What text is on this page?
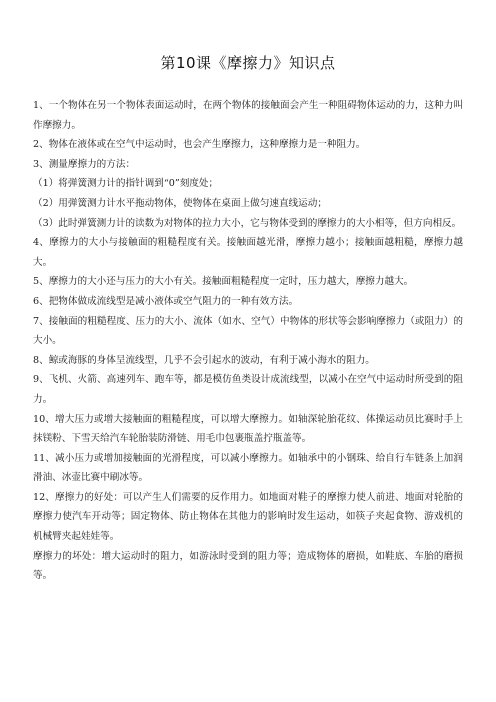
第10课《摩擦力》知识点

1、一个物体在另一个物体表面运动时，在两个物体的接触面会产生一种阻碍物体运动的力，这种力叫作摩擦力。

2、物体在液体或在空气中运动时，也会产生摩擦力，这种摩擦力是一种阻力。

3、测量摩擦力的方法：

（1）将弹簧测力计的指针调到“0”刻度处；

（2）用弹簧测力计水平拖动物体，使物体在桌面上做匀速直线运动；

（3）此时弹簧测力计的读数为对物体的拉力大小，它与物体受到的摩擦力的大小相等，但方向相反。

4、摩擦力的大小与接触面的粗糙程度有关。接触面越光滑，摩擦力越小；接触面越粗糙，摩擦力越大。

5、摩擦力的大小还与压力的大小有关。接触面粗糙程度一定时，压力越大，摩擦力越大。

6、把物体做成流线型是减小液体或空气阻力的一种有效方法。

7、接触面的粗糙程度、压力的大小、流体（如水、空气）中物体的形状等会影响摩擦力（或阻力）的大小。

8、鲸或海豚的身体呈流线型，几乎不会引起水的波动，有利于减小海水的阻力。

9、飞机、火箭、高速列车、跑车等，都是模仿鱼类设计成流线型，以减小在空气中运动时所受到的阻力。

10、增大压力或增大接触面的粗糙程度，可以增大摩擦力。如轴深轮胎花纹、体操运动员比赛时手上抹镁粉、下雪天给汽车轮胎装防滑链、用毛巾包裹瓶盖拧瓶盖等。

11、减小压力或增加接触面的光滑程度，可以减小摩擦力。如轴承中的小钢珠、给自行车链条上加润滑油、冰壶比赛中刷冰等。

12、摩擦力的好处：可以产生人们需要的反作用力。如地面对鞋子的摩擦力使人前进、地面对轮胎的摩擦力使汽车开动等；固定物体、防止物体在其他力的影响时发生运动，如筷子夹起食物、游戏机的机械臂夹起娃娃等。

摩擦力的坏处：增大运动时的阻力，如游泳时受到的阻力等；造成物体的磨损，如鞋底、车胎的磨损等。
